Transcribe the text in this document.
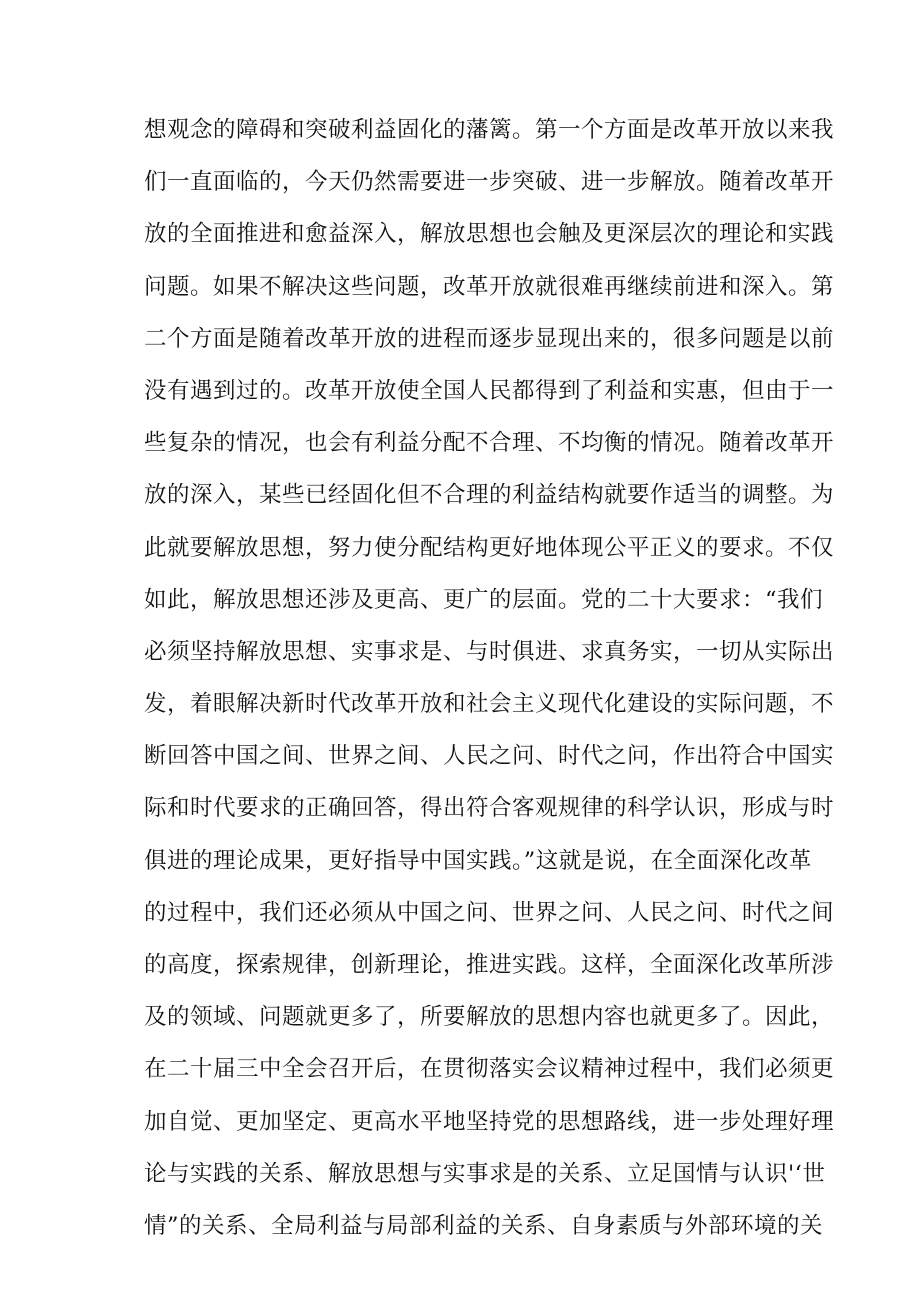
想观念的障碍和突破利益固化的藩篱。第一个方面是改革开放以来我
们一直面临的，今天仍然需要进一步突破、进一步解放。随着改革开
放的全面推进和愈益深入，解放思想也会触及更深层次的理论和实践
问题。如果不解决这些问题，改革开放就很难再继续前进和深入。第
二个方面是随着改革开放的进程而逐步显现出来的，很多问题是以前
没有遇到过的。改革开放使全国人民都得到了利益和实惠，但由于一
些复杂的情况，也会有利益分配不合理、不均衡的情况。随着改革开
放的深入，某些已经固化但不合理的利益结构就要作适当的调整。为
此就要解放思想，努力使分配结构更好地体现公平正义的要求。不仅
如此，解放思想还涉及更高、更广的层面。党的二十大要求：“我们
必须坚持解放思想、实事求是、与时俱进、求真务实，一切从实际出
发，着眼解决新时代改革开放和社会主义现代化建设的实际问题，不
断回答中国之间、世界之间、人民之问、时代之问，作出符合中国实
际和时代要求的正确回答，得出符合客观规律的科学认识，形成与时
俱进的理论成果，更好指导中国实践。”这就是说，在全面深化改革
的过程中，我们还必须从中国之问、世界之问、人民之问、时代之间
的高度，探索规律，创新理论，推进实践。这样，全面深化改革所涉
及的领域、问题就更多了，所要解放的思想内容也就更多了。因此，
在二十届三中全会召开后，在贯彻落实会议精神过程中，我们必须更
加自觉、更加坚定、更高水平地坚持党的思想路线，进一步处理好理
论与实践的关系、解放思想与实事求是的关系、立足国情与认识'‘世
情”的关系、全局利益与局部利益的关系、自身素质与外部环境的关
